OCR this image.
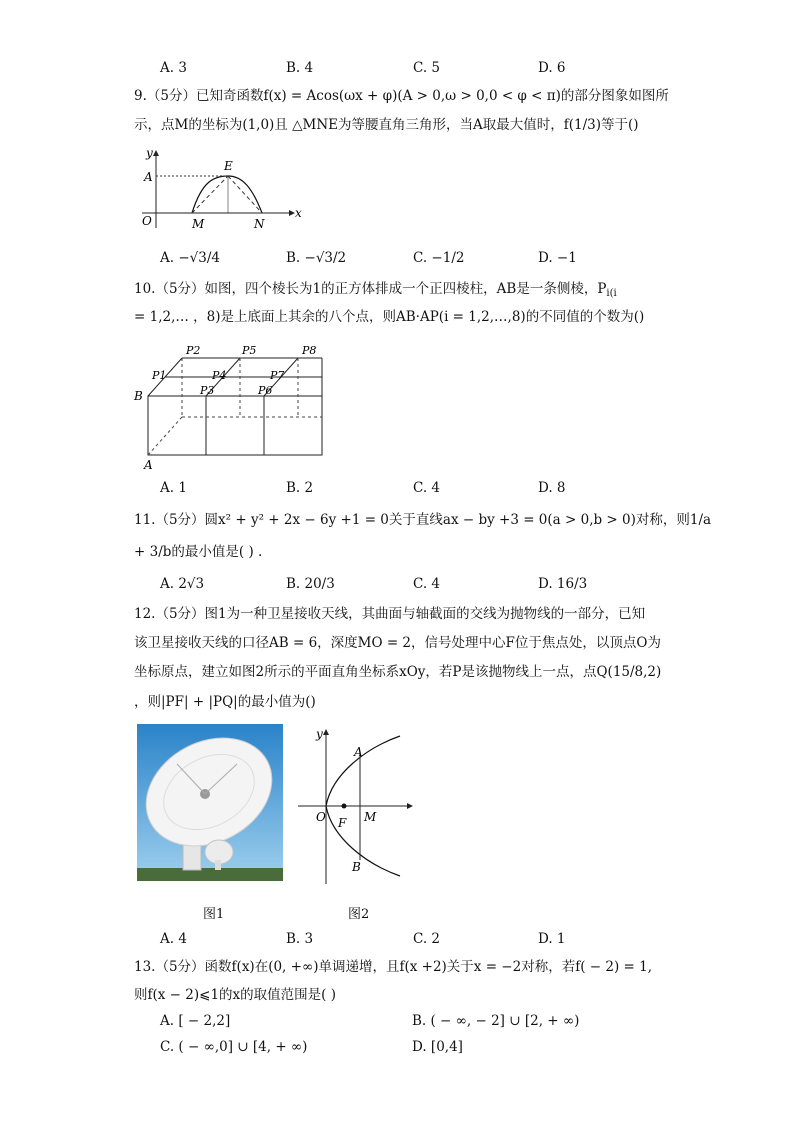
A. 3	B. 4	C. 5	D. 6
9.（5分）已知奇函数f(x) = Acos(ωx + φ)(A > 0,ω > 0,0 < φ < π)的部分图象如图所
示，点M的坐标为(1,0)且 △MNE为等腰直角三角形，当A取最大值时，f(1/3)等于()
y
A
E
O	M	N
x
A. −√3/4	B. −√3/2	C. −1/2	D. −1
10.（5分）如图，四个棱长为1的正方体排成一个正四棱柱，AB是一条侧棱，$P_{i(i}$
= 1,2,… ，8)是上底面上其余的八个点，则AB·AP(i = 1,2,…,8)的不同值的个数为()
P2	P5	P8
P1	P4	P7
P3	P6
B
A
A. 1	B. 2	C. 4	D. 8
11.（5分）圆x² + y² + 2x − 6y +1 = 0关于直线ax − by +3 = 0(a > 0,b > 0)对称，则1/a
+ 3/b的最小值是( ) .
A. 2√3	B. 20/3	C. 4	D. 16/3
12.（5分）图1为一种卫星接收天线，其曲面与轴截面的交线为抛物线的一部分，已知
该卫星接收天线的口径AB = 6，深度MO = 2，信号处理中心F位于焦点处，以顶点O为
坐标原点，建立如图2所示的平面直角坐标系xOy，若P是该抛物线上一点，点Q(15/8,2)
，则|PF| + |PQ|的最小值为()
y
A
O F M
B
图1	图2
A. 4	B. 3	C. 2	D. 1
13.（5分）函数f(x)在(0, +∞)单调递增，且f(x +2)关于x = −2对称，若f( − 2) = 1,
则f(x − 2)⩽1的x的取值范围是( )
A. [ − 2,2]	B. ( − ∞, − 2] ∪ [2, + ∞)
C. ( − ∞,0] ∪ [4, + ∞)	D. [0,4]
